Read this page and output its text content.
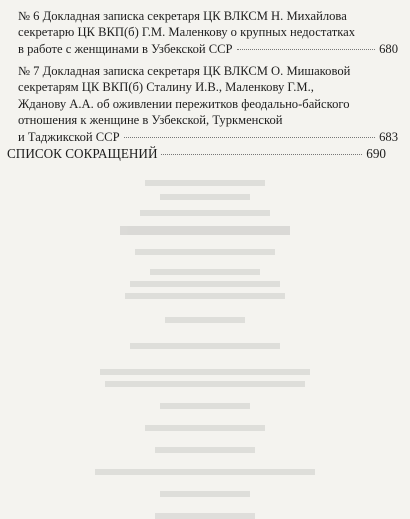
№ 6 Докладная записка секретаря ЦК ВЛКСМ Н. Михайлова
секретарю ЦК ВКП(б) Г.М. Маленкову о крупных недостатках
в работе с женщинами в Узбекской ССР	680
№ 7 Докладная записка секретаря ЦК ВЛКСМ О. Мишаковой
секретарям ЦК ВКП(б) Сталину И.В., Маленкову Г.М.,
Жданову А.А. об оживлении пережитков феодально-байского
отношения к женщине в Узбекской, Туркменской
и Таджикской ССР	683
СПИСОК СОКРАЩЕНИЙ	690
